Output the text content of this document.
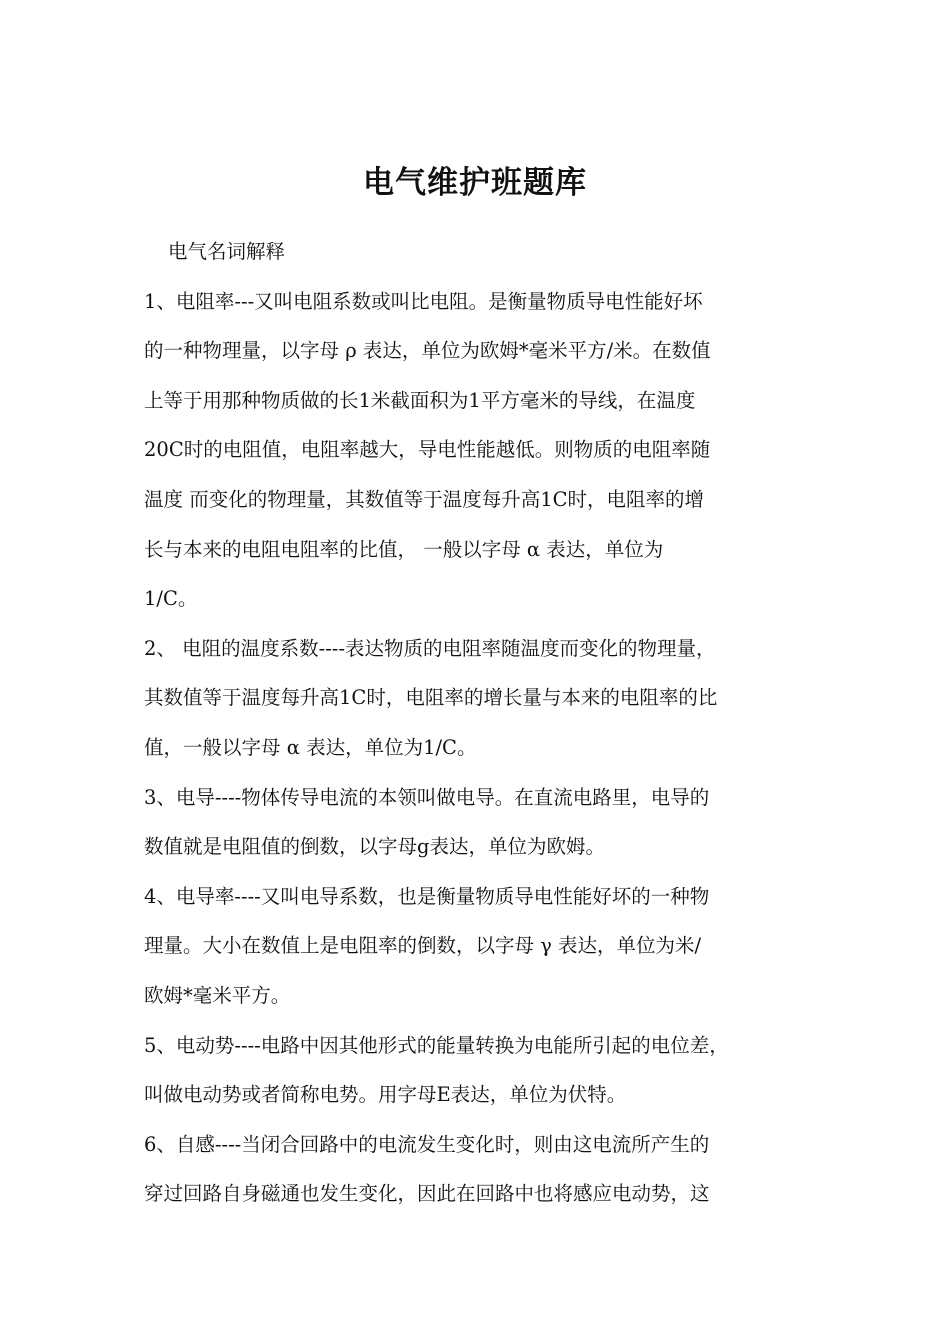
电气维护班题库
电气名词解释
1、电阻率---又叫电阻系数或叫比电阻。是衡量物质导电性能好坏
的一种物理量，以字母 ρ 表达，单位为欧姆*毫米平方/米。在数值
上等于用那种物质做的长1米截面积为1平方毫米的导线，在温度
20C时的电阻值，电阻率越大，导电性能越低。则物质的电阻率随
温度 而变化的物理量，其数值等于温度每升高1C时，电阻率的增
长与本来的电阻电阻率的比值， 一般以字母 α 表达，单位为
1/C。
2、 电阻的温度系数----表达物质的电阻率随温度而变化的物理量，
其数值等于温度每升高1C时，电阻率的增长量与本来的电阻率的比
值，一般以字母 α 表达，单位为1/C。
3、电导----物体传导电流的本领叫做电导。在直流电路里，电导的
数值就是电阻值的倒数，以字母g表达，单位为欧姆。
4、电导率----又叫电导系数，也是衡量物质导电性能好坏的一种物
理量。大小在数值上是电阻率的倒数，以字母 γ 表达，单位为米/
欧姆*毫米平方。
5、电动势----电路中因其他形式的能量转换为电能所引起的电位差，
叫做电动势或者简称电势。用字母E表达，单位为伏特。
6、自感----当闭合回路中的电流发生变化时，则由这电流所产生的
穿过回路自身磁通也发生变化，因此在回路中也将感应电动势，这
